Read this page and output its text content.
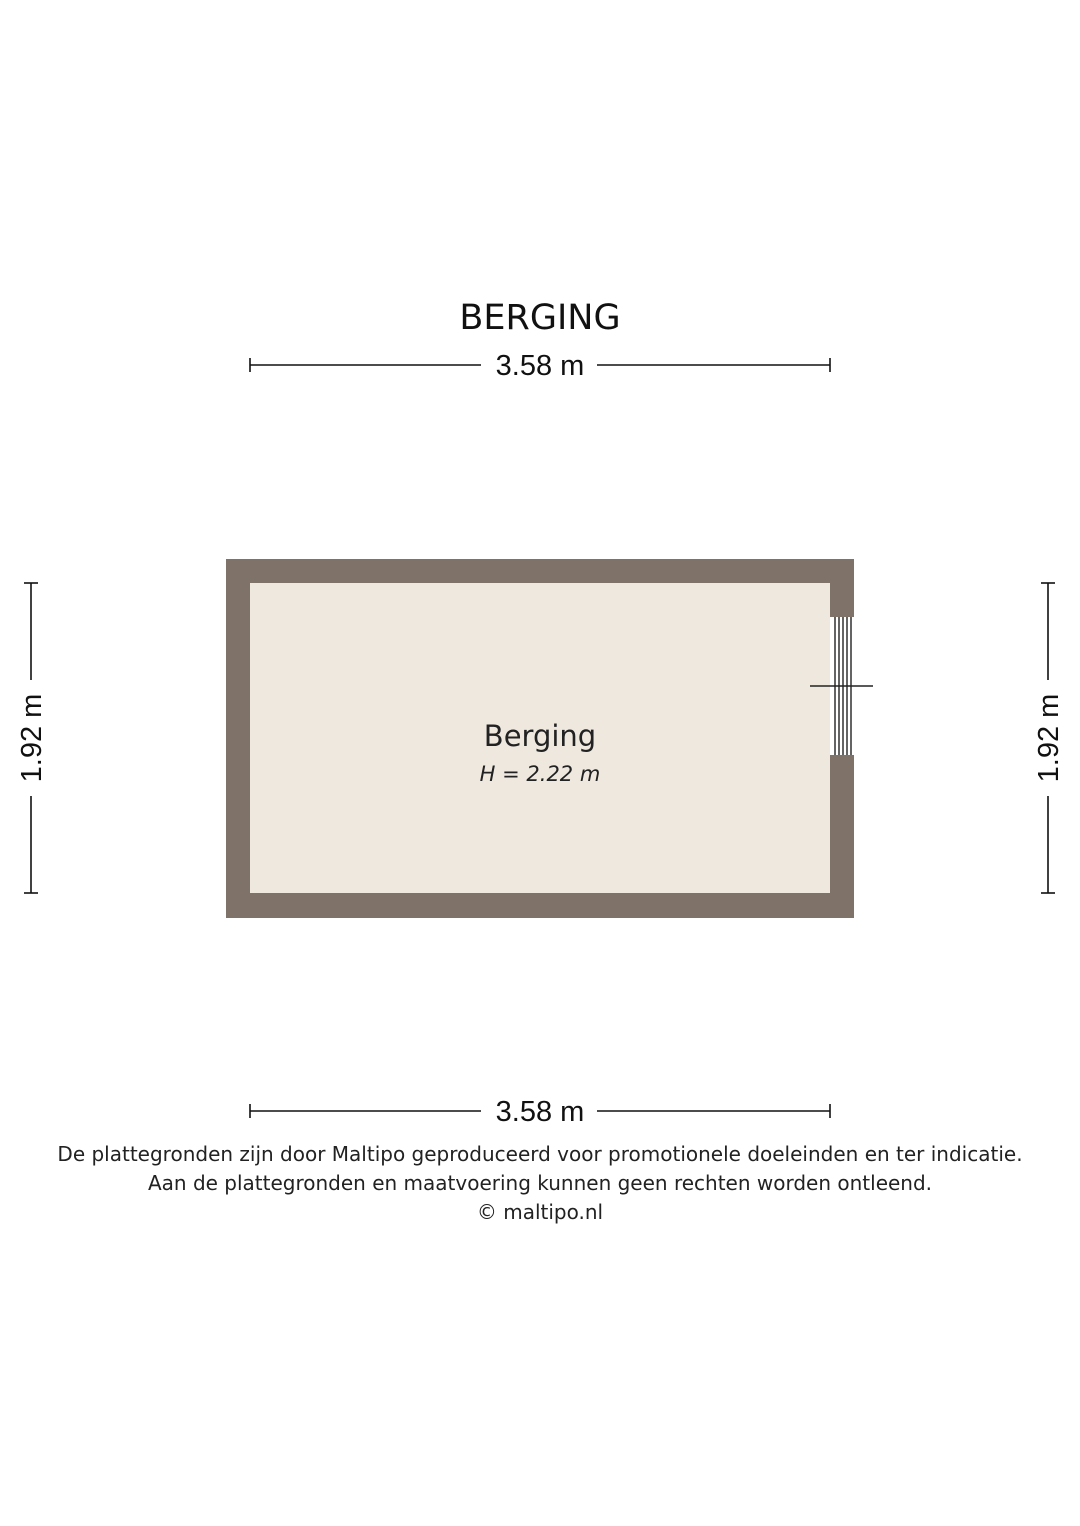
BERGING
3.58 m
3.58 m
1.92 m	1.92 m
Berging
H = 2.22 m
De plattegronden zijn door Maltipo geproduceerd voor promotionele doeleinden en ter indicatie.
Aan de plattegronden en maatvoering kunnen geen rechten worden ontleend.
© maltipo.nl
